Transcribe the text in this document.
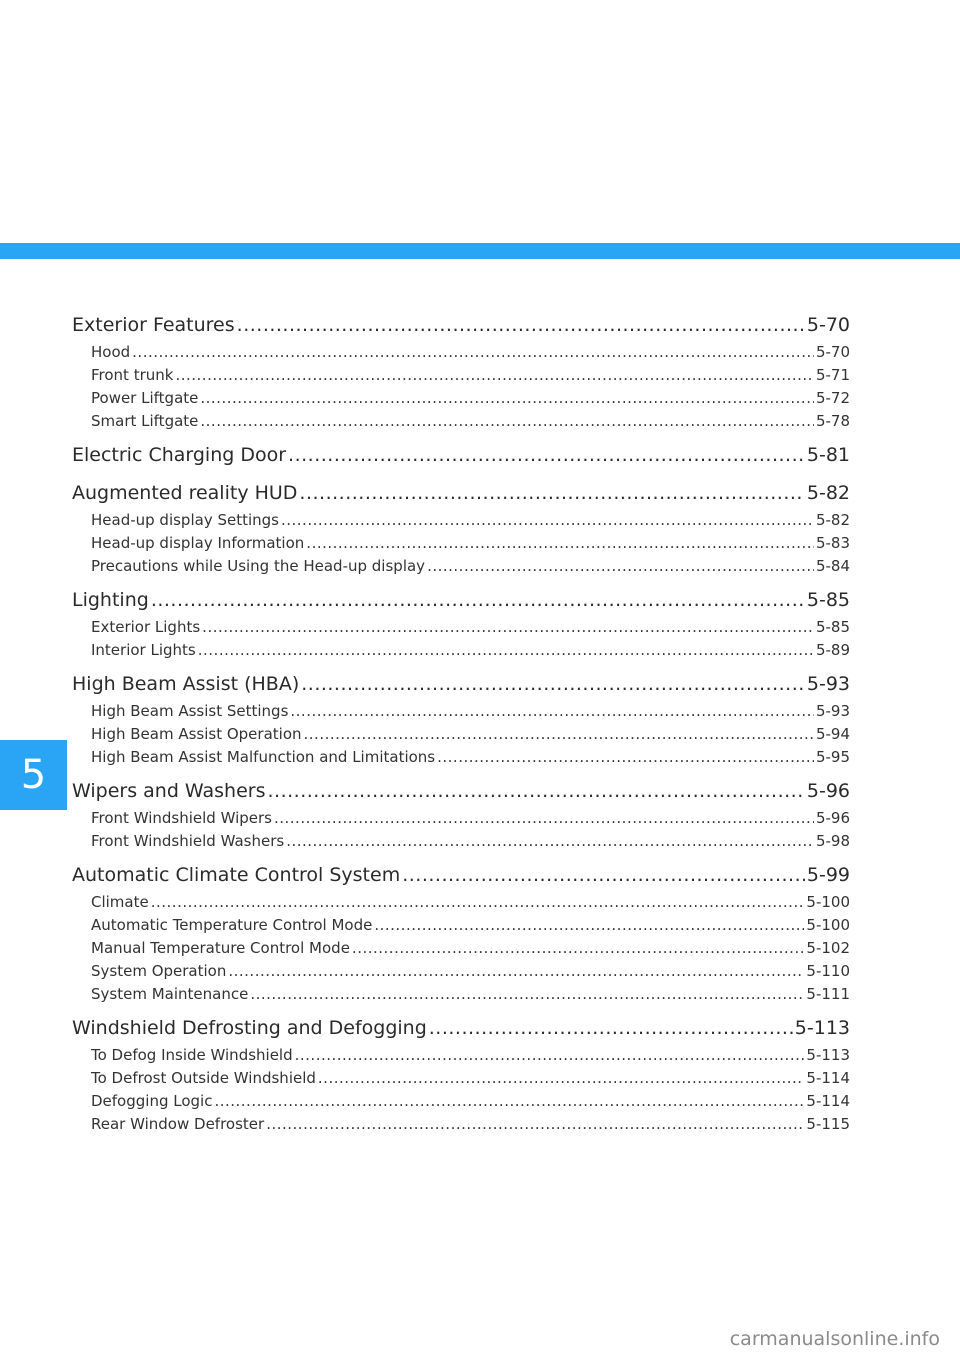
5
Exterior Features .....	5-70
Hood .....	5-70
Front trunk .....	5-71
Power Liftgate .....	5-72
Smart Liftgate .....	5-78
Electric Charging Door .....	5-81
Augmented reality HUD .....	5-82
Head-up display Settings .....	5-82
Head-up display Information .....	5-83
Precautions while Using the Head-up display .....	5-84
Lighting .....	5-85
Exterior Lights .....	5-85
Interior Lights .....	5-89
High Beam Assist (HBA) .....	5-93
High Beam Assist Settings .....	5-93
High Beam Assist Operation .....	5-94
High Beam Assist Malfunction and Limitations .....	5-95
Wipers and Washers .....	5-96
Front Windshield Wipers .....	5-96
Front Windshield Washers .....	5-98
Automatic Climate Control System .....	5-99
Climate .....	5-100
Automatic Temperature Control Mode .....	5-100
Manual Temperature Control Mode .....	5-102
System Operation .....	5-110
System Maintenance .....	5-111
Windshield Defrosting and Defogging .....	5-113
To Defog Inside Windshield .....	5-113
To Defrost Outside Windshield .....	5-114
Defogging Logic .....	5-114
Rear Window Defroster .....	5-115
carmanualsonline.info
